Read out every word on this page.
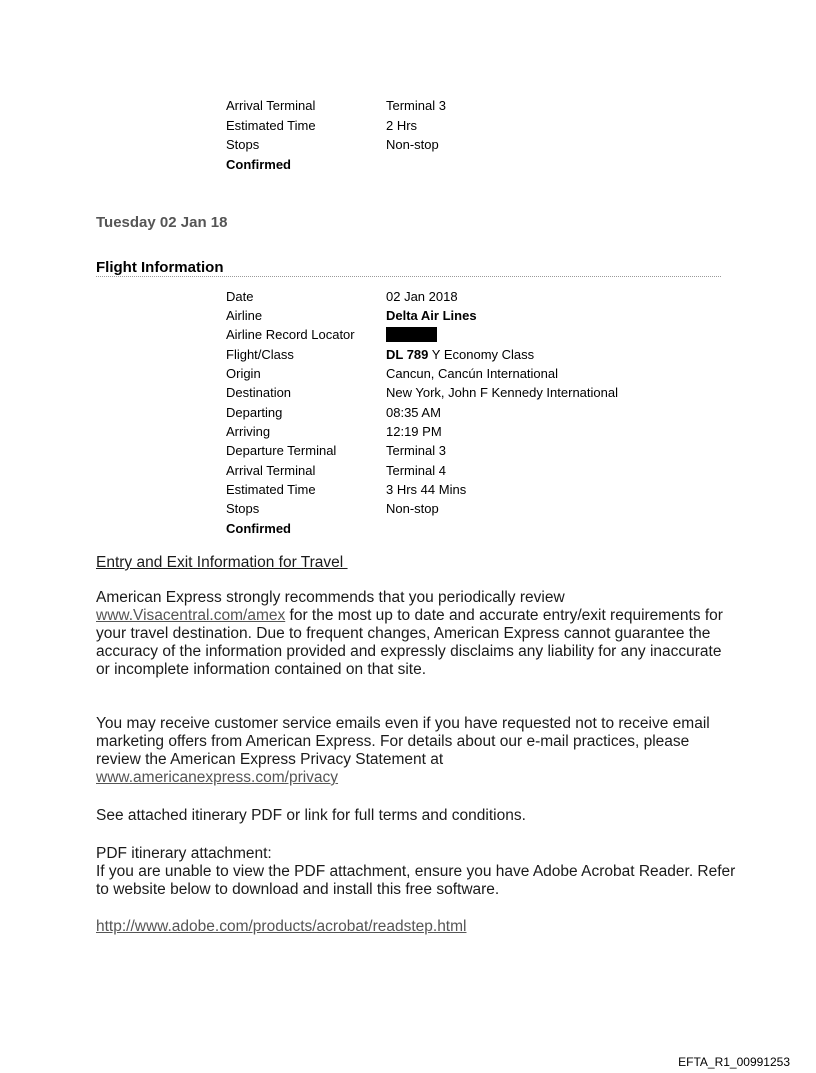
Arrival Terminal	Terminal 3
Estimated Time	2 Hrs
Stops	Non-stop
Confirmed
Tuesday 02 Jan 18
Flight Information
Date	02 Jan 2018
Airline	Delta Air Lines
Airline Record Locator
Flight/Class	DL 789 Y Economy Class
Origin	Cancun, Cancún International
Destination	New York, John F Kennedy International
Departing	08:35 AM
Arriving	12:19 PM
Departure Terminal	Terminal 3
Arrival Terminal	Terminal 4
Estimated Time	3 Hrs 44 Mins
Stops	Non-stop
Confirmed
Entry and Exit Information for Travel
American Express strongly recommends that you periodically review
www.Visacentral.com/amex for the most up to date and accurate entry/exit requirements for your travel destination. Due to frequent changes, American Express cannot guarantee the accuracy of the information provided and expressly disclaims any liability for any inaccurate or incomplete information contained on that site.
You may receive customer service emails even if you have requested not to receive email marketing offers from American Express. For details about our e-mail practices, please review the American Express Privacy Statement at
www.americanexpress.com/privacy
See attached itinerary PDF or link for full terms and conditions.
PDF itinerary attachment:
If you are unable to view the PDF attachment, ensure you have Adobe Acrobat Reader. Refer to website below to download and install this free software.
http://www.adobe.com/products/acrobat/readstep.html
EFTA_R1_00991253
